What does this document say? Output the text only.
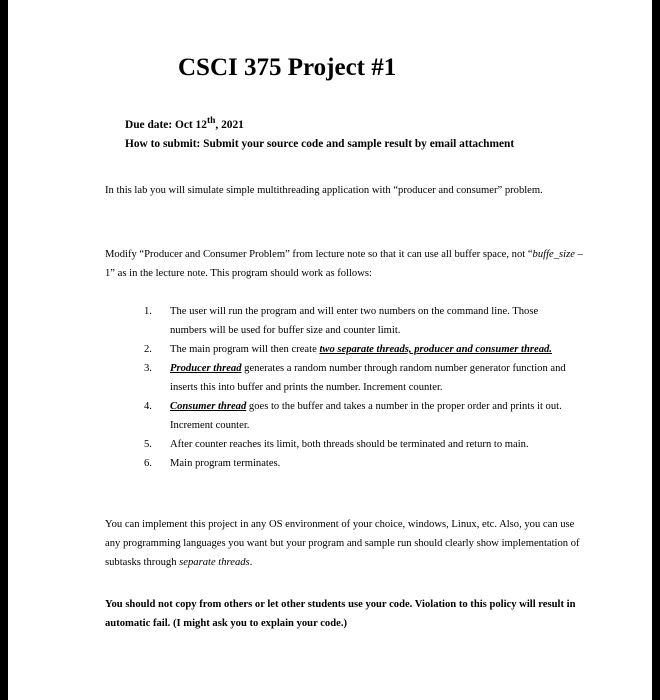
CSCI 375 Project #1
Due date: Oct 12th, 2021
How to submit: Submit your source code and sample result by email attachment
In this lab you will simulate simple multithreading application with “producer and consumer” problem.
Modify “Producer and Consumer Problem” from lecture note so that it can use all buffer space, not “buffe_size – 1” as in the lecture note. This program should work as follows:
1. The user will run the program and will enter two numbers on the command line. Those numbers will be used for buffer size and counter limit.
2. The main program will then create two separate threads, producer and consumer thread.
3. Producer thread generates a random number through random number generator function and inserts this into buffer and prints the number. Increment counter.
4. Consumer thread goes to the buffer and takes a number in the proper order and prints it out. Increment counter.
5. After counter reaches its limit, both threads should be terminated and return to main.
6. Main program terminates.
You can implement this project in any OS environment of your choice, windows, Linux, etc. Also, you can use any programming languages you want but your program and sample run should clearly show implementation of subtasks through separate threads.
You should not copy from others or let other students use your code. Violation to this policy will result in automatic fail. (I might ask you to explain your code.)
